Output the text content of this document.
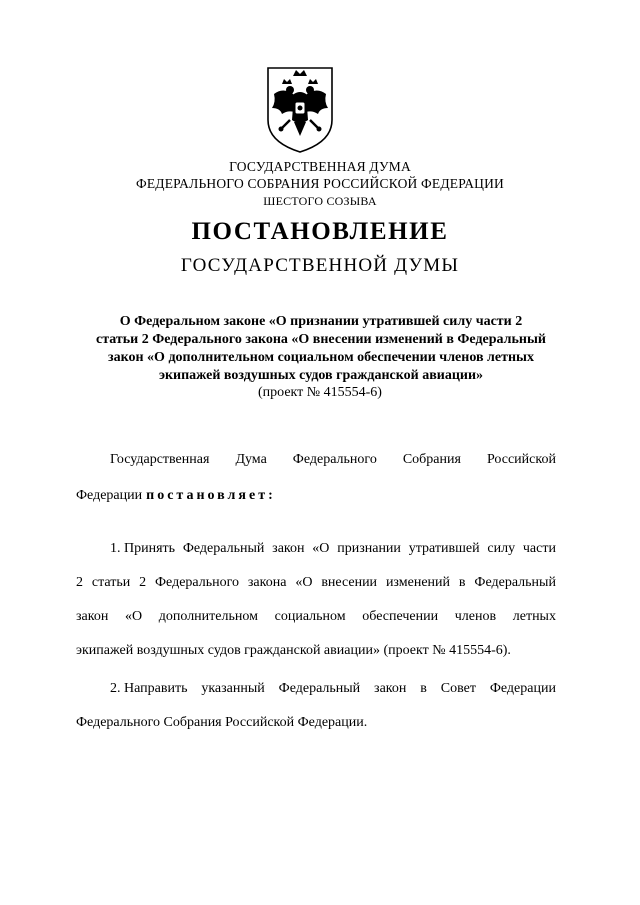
ГОСУДАРСТВЕННАЯ ДУМА
ФЕДЕРАЛЬНОГО СОБРАНИЯ РОССИЙСКОЙ ФЕДЕРАЦИИ
ШЕСТОГО СОЗЫВА
ПОСТАНОВЛЕНИЕ
ГОСУДАРСТВЕННОЙ ДУМЫ
О Федеральном законе «О признании утратившей силу части 2
статьи 2 Федерального закона «О внесении изменений в Федеральный
закон «О дополнительном социальном обеспечении членов летных
экипажей воздушных судов гражданской авиации»
(проект № 415554-6)
Государственная Дума Федерального Собрания Российской
Федерации постановляет:
1. Принять Федеральный закон «О признании утратившей силу части
2 статьи 2 Федерального закона «О внесении изменений в Федеральный
закон «О дополнительном социальном обеспечении членов летных
экипажей воздушных судов гражданской авиации» (проект № 415554-6).
2. Направить указанный Федеральный закон в Совет Федерации
Федерального Собрания Российской Федерации.
